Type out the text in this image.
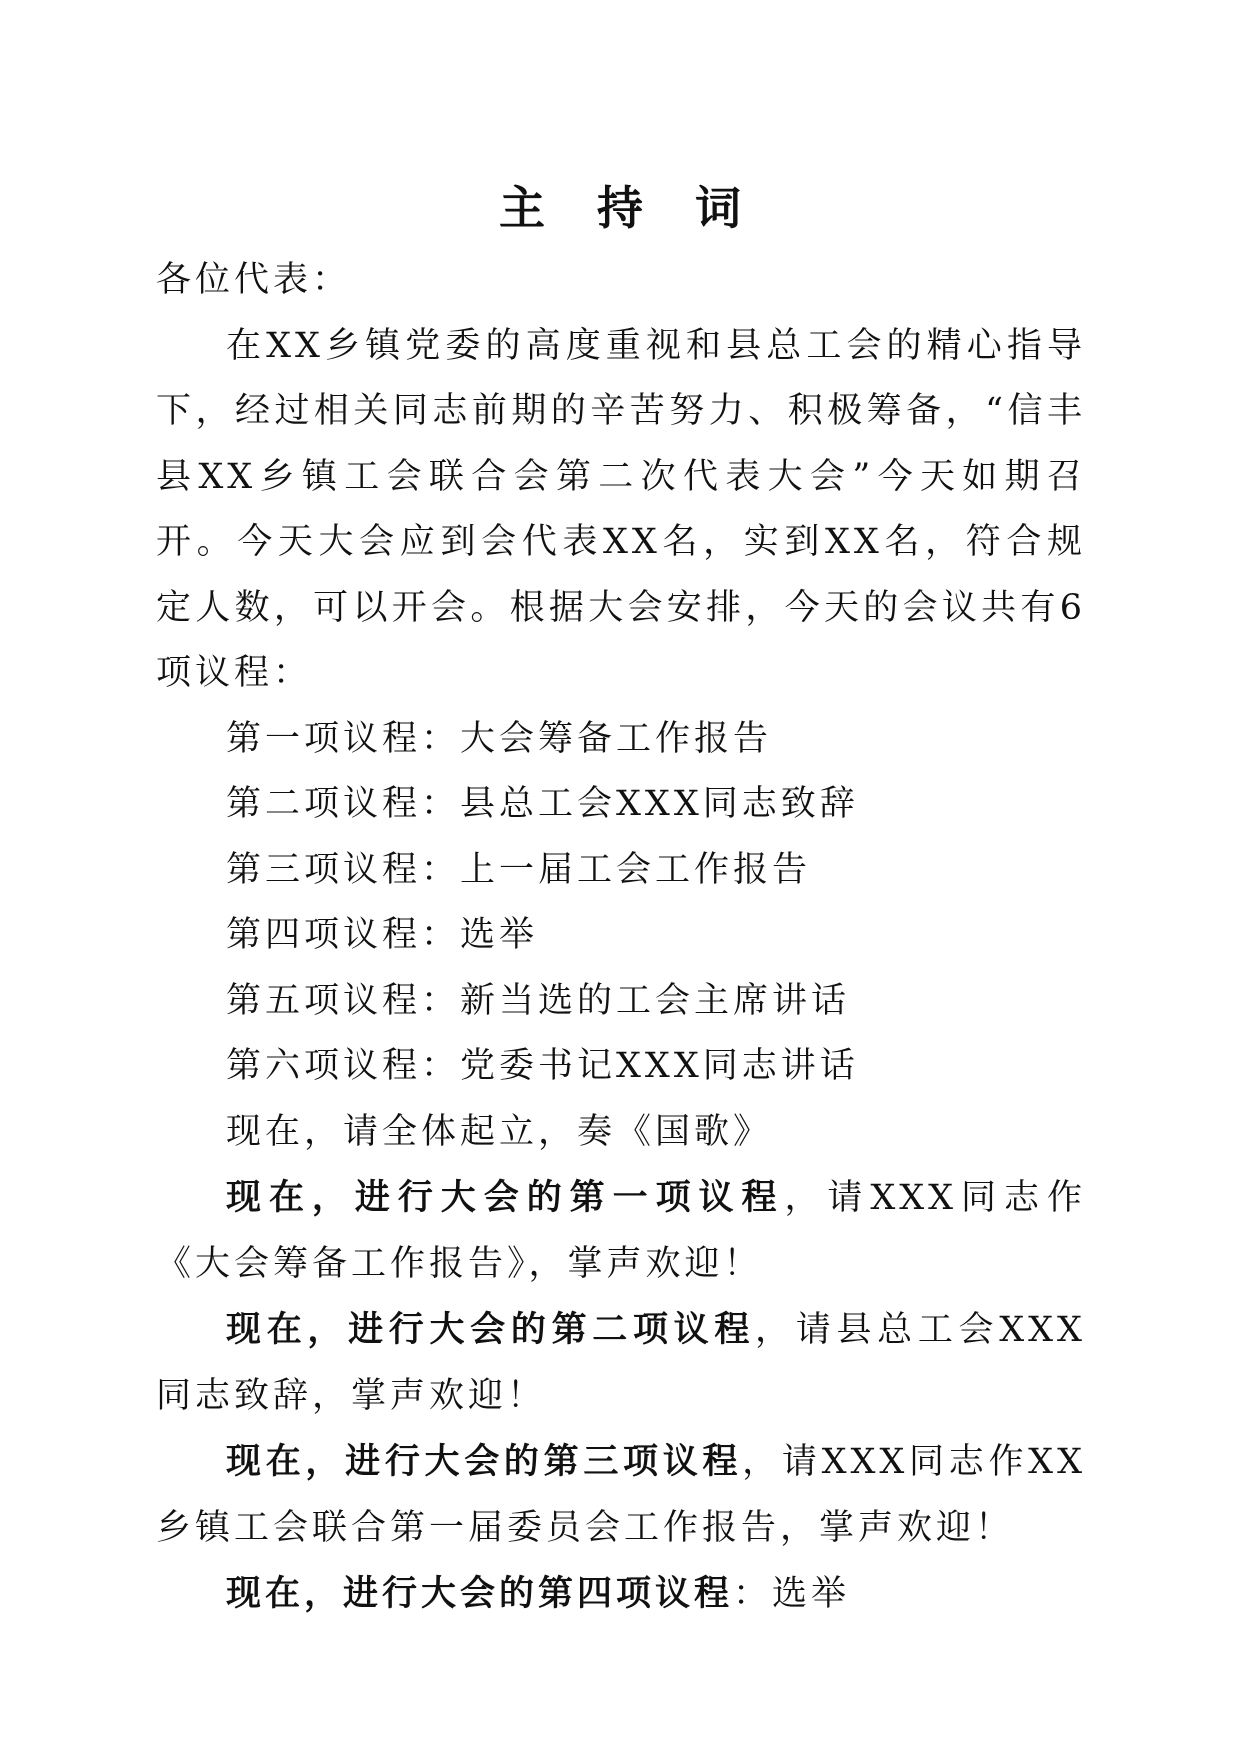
主 持 词

各位代表：

在XX乡镇党委的高度重视和县总工会的精心指导下，经过相关同志前期的辛苦努力、积极筹备，“信丰县XX乡镇工会联合会第二次代表大会”今天如期召开。今天大会应到会代表XX名，实到XX名，符合规定人数，可以开会。根据大会安排，今天的会议共有6项议程：

第一项议程：大会筹备工作报告

第二项议程：县总工会XXX同志致辞

第三项议程：上一届工会工作报告

第四项议程：选举

第五项议程：新当选的工会主席讲话

第六项议程：党委书记XXX同志讲话

现在，请全体起立，奏《国歌》

现在，进行大会的第一项议程，请XXX同志作《大会筹备工作报告》，掌声欢迎！

现在，进行大会的第二项议程，请县总工会XXX同志致辞，掌声欢迎！

现在，进行大会的第三项议程，请XXX同志作XX乡镇工会联合第一届委员会工作报告，掌声欢迎！

现在，进行大会的第四项议程：选举
